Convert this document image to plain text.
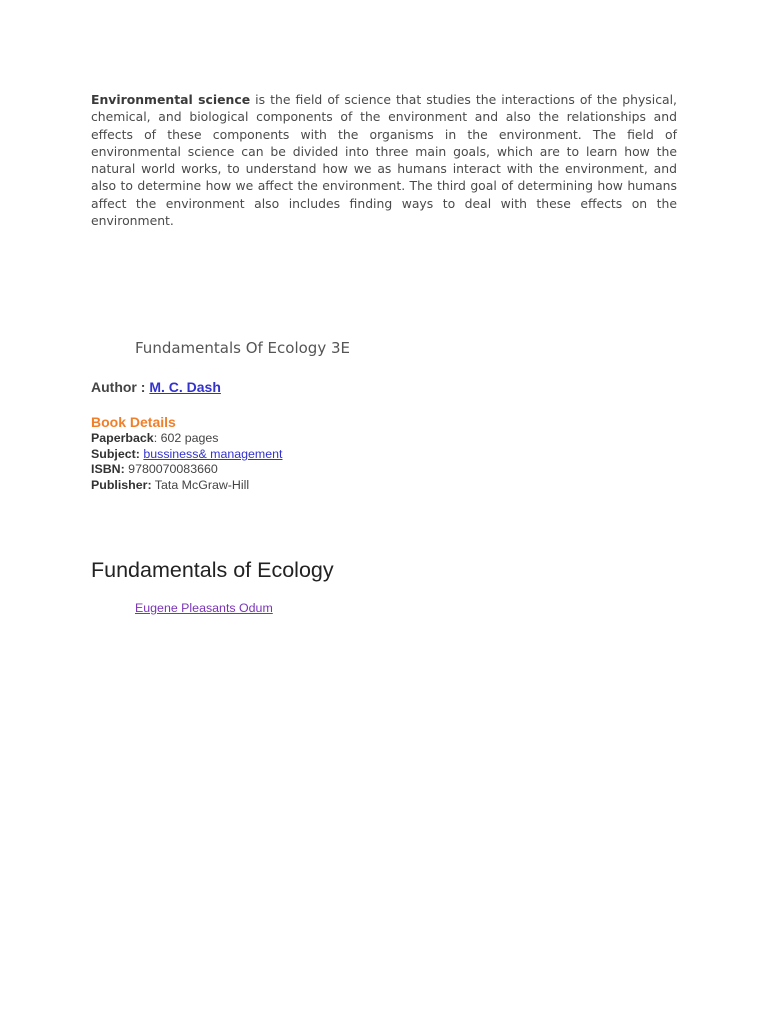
Environmental science is the field of science that studies the interactions of the physical, chemical, and biological components of the environment and also the relationships and effects of these components with the organisms in the environment. The field of environmental science can be divided into three main goals, which are to learn how the natural world works, to understand how we as humans interact with the environment, and also to determine how we affect the environment. The third goal of determining how humans affect the environment also includes finding ways to deal with these effects on the environment.

Fundamentals Of Ecology 3E

Author : M. C. Dash

Book Details

Paperback: 602 pages
Subject: bussiness& management
ISBN: 9780070083660
Publisher: Tata McGraw-Hill
Fundamentals of Ecology
Eugene Pleasants Odum
